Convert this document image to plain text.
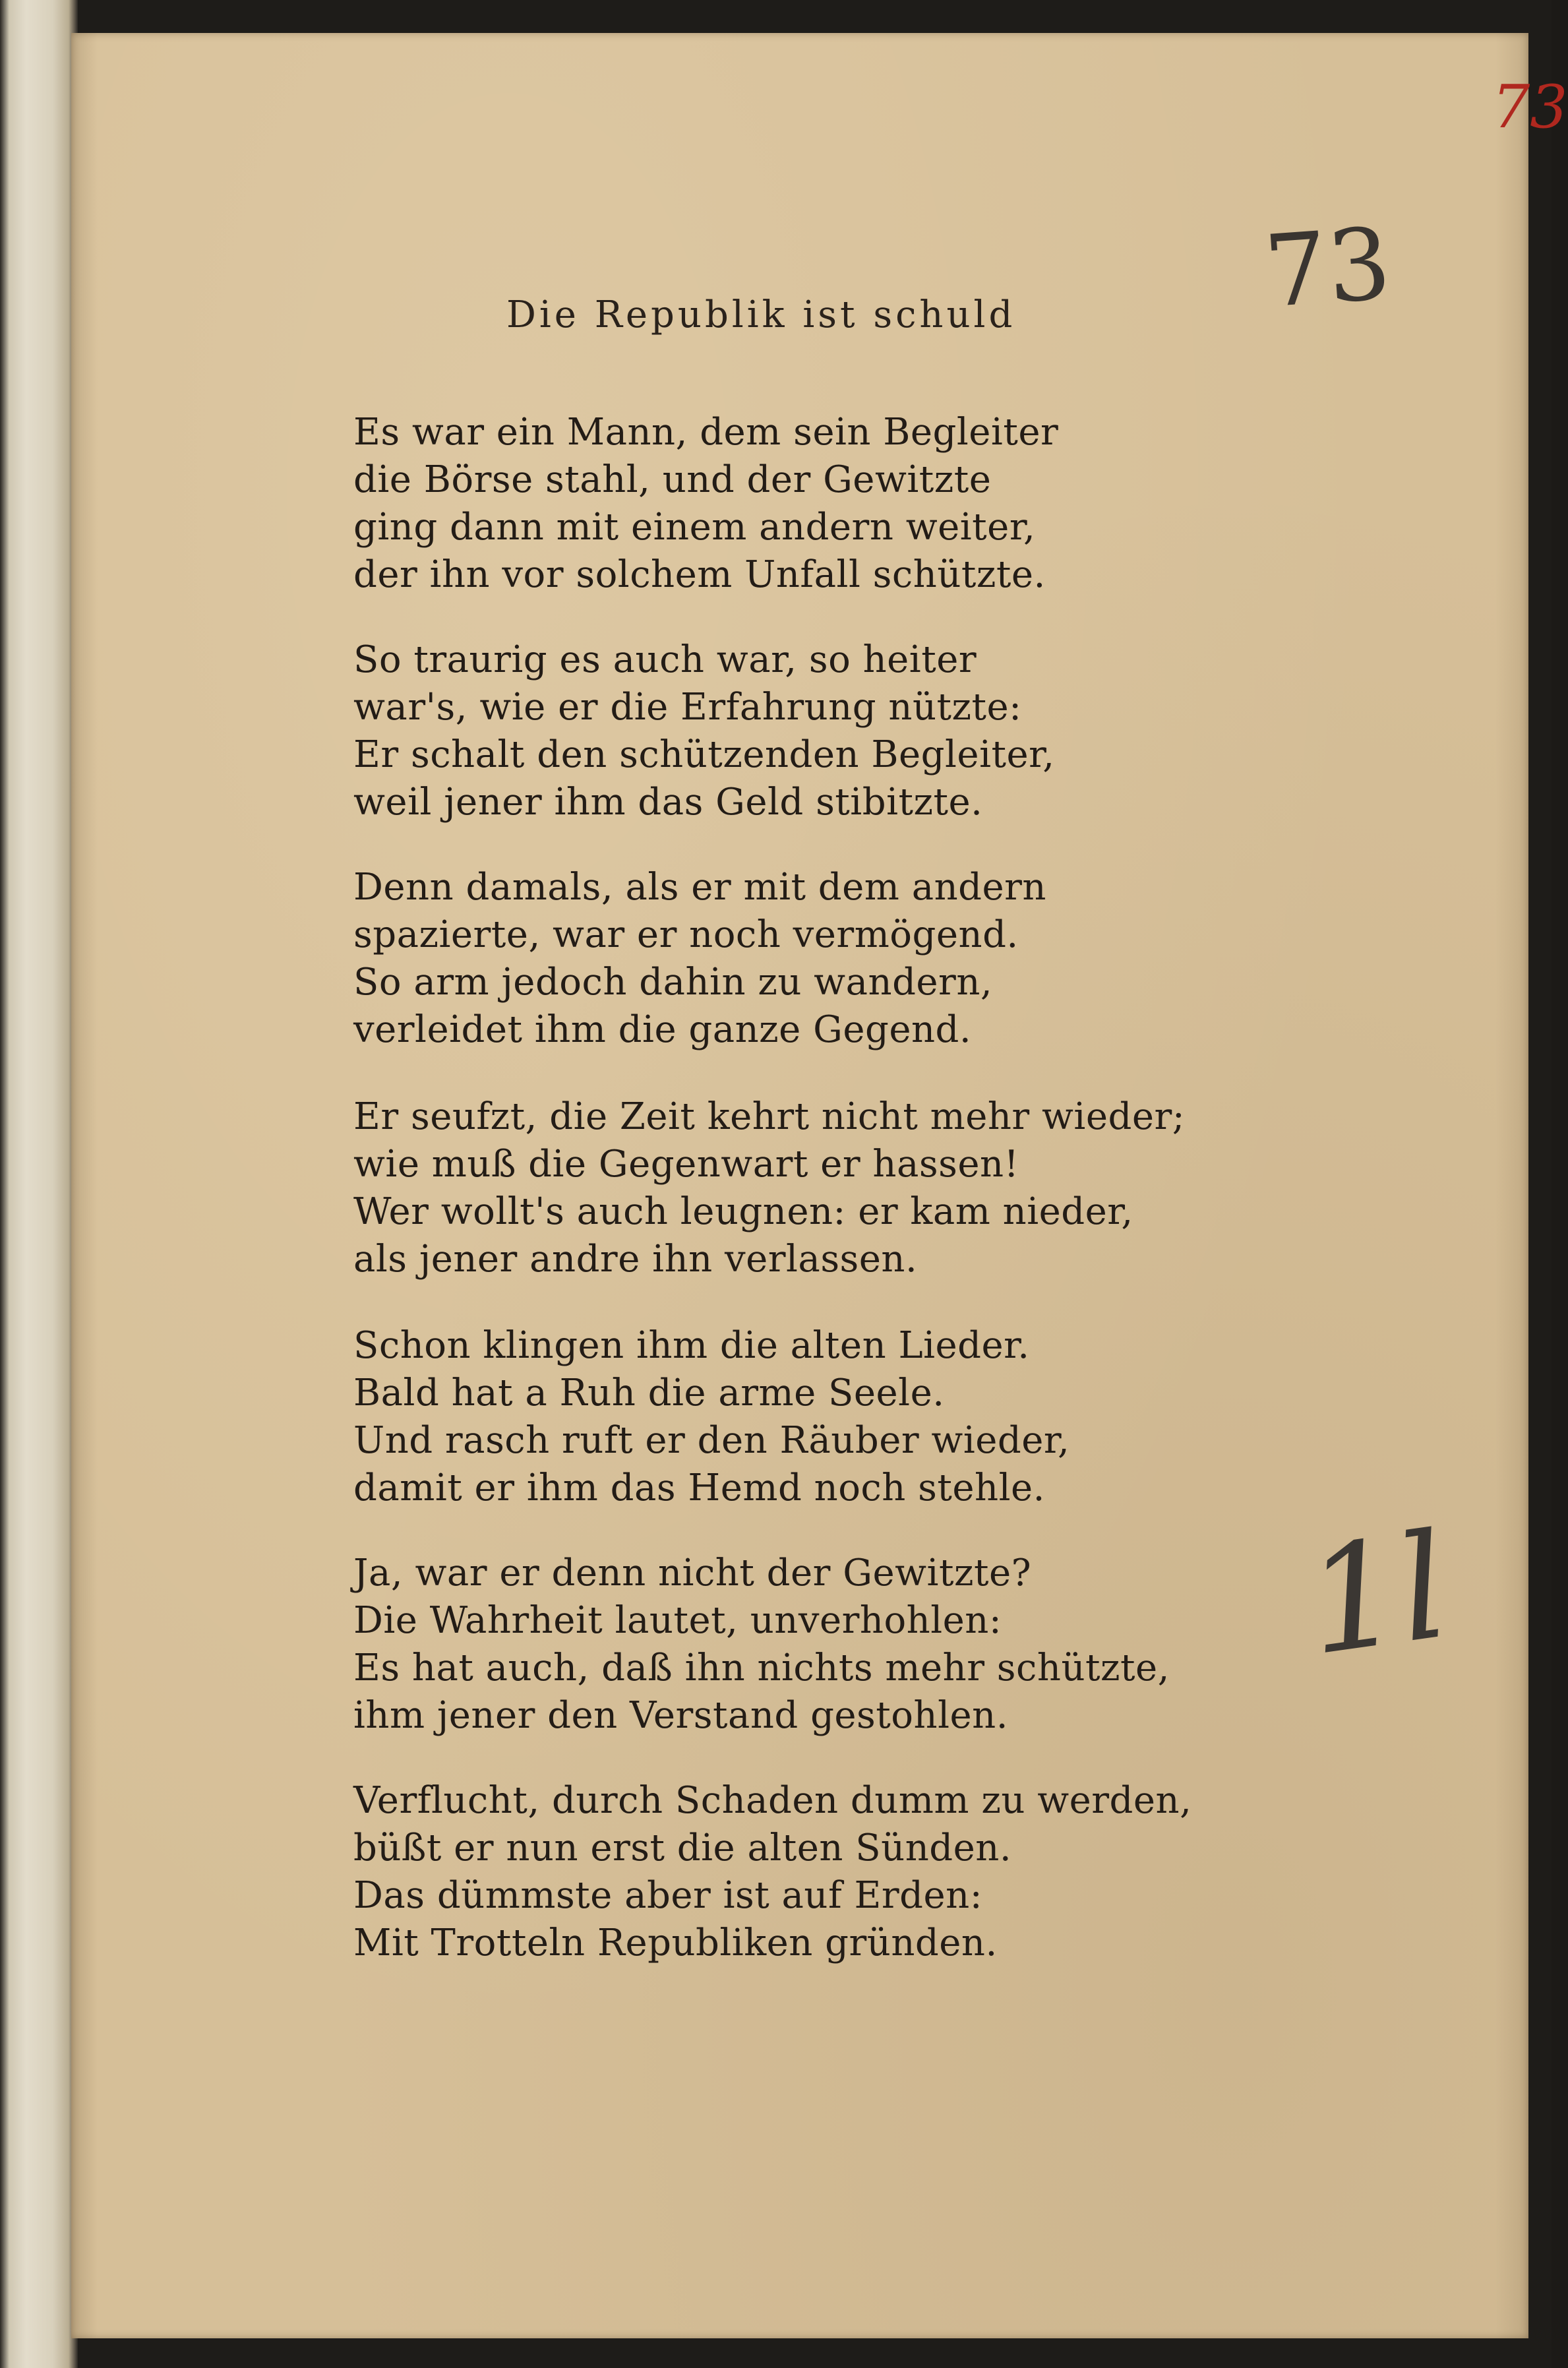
73
73
Die Republik ist schuld
Es war ein Mann, dem sein Begleiter
die Börse stahl, und der Gewitzte
ging dann mit einem andern weiter,
der ihn vor solchem Unfall schützte.
So traurig es auch war, so heiter
war's, wie er die Erfahrung nützte:
Er schalt den schützenden Begleiter,
weil jener ihm das Geld stibitzte.
Denn damals, als er mit dem andern
spazierte, war er noch vermögend.
So arm jedoch dahin zu wandern,
verleidet ihm die ganze Gegend.
Er seufzt, die Zeit kehrt nicht mehr wieder;
wie muß die Gegenwart er hassen!
Wer wollt's auch leugnen: er kam nieder,
als jener andre ihn verlassen.
Schon klingen ihm die alten Lieder.
Bald hat a Ruh die arme Seele.
Und rasch ruft er den Räuber wieder,
damit er ihm das Hemd noch stehle.
Ja, war er denn nicht der Gewitzte?
Die Wahrheit lautet, unverhohlen:
Es hat auch, daß ihn nichts mehr schützte,
ihm jener den Verstand gestohlen.
Verflucht, durch Schaden dumm zu werden,
büßt er nun erst die alten Sünden.
Das dümmste aber ist auf Erden:
Mit Trotteln Republiken gründen.
1l
